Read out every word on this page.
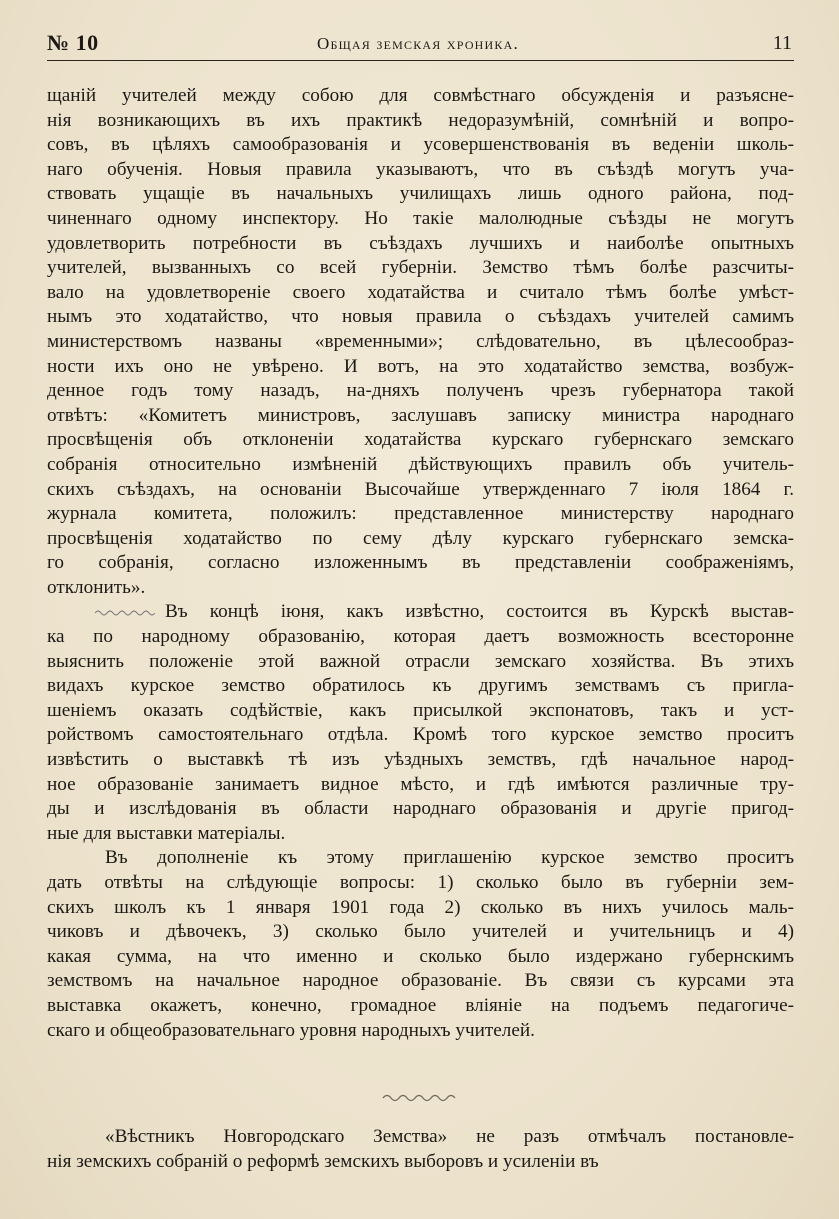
№ 10	Общая земская хроника.	11
щаній учителей между собою для совмѣстнаго обсужденія и разъясне-
нія возникающихъ въ ихъ практикѣ недоразумѣній, сомнѣній и вопро-
совъ, въ цѣляхъ самообразованія и усовершенствованія въ веденіи школь-
наго обученія. Новыя правила указываютъ, что въ съѣздѣ могутъ уча-
ствовать ущащіе въ начальныхъ училищахъ лишь одного района, под-
чиненнаго одному инспектору. Но такіе малолюдные съѣзды не могутъ
удовлетворить потребности въ съѣздахъ лучшихъ и наиболѣе опытныхъ
учителей, вызванныхъ со всей губерніи. Земство тѣмъ болѣе разсчиты-
вало на удовлетвореніе своего ходатайства и считало тѣмъ болѣе умѣст-
нымъ это ходатайство, что новыя правила о съѣздахъ учителей самимъ
министерствомъ названы «временными»; слѣдовательно, въ цѣлесообраз-
ности ихъ оно не увѣрено. И вотъ, на это ходатайство земства, возбуж-
денное годъ тому назадъ, на-дняхъ полученъ чрезъ губернатора такой
отвѣтъ: «Комитетъ министровъ, заслушавъ записку министра народнаго
просвѣщенія объ отклоненіи ходатайства курскаго губернскаго земскаго
собранія относительно измѣненій дѣйствующихъ правилъ объ учитель-
скихъ съѣздахъ, на основаніи Высочайше утвержденнаго 7 іюля 1864 г.
журнала комитета, положилъ: представленное министерству народнаго
просвѣщенія ходатайство по сему дѣлу курскаго губернскаго земска-
го собранія, согласно изложеннымъ въ представленіи соображеніямъ,
отклонить».
Въ концѣ іюня, какъ извѣстно, состоится въ Курскѣ выстав-
ка по народному образованію, которая даетъ возможность всесторонне
выяснить положеніе этой важной отрасли земскаго хозяйства. Въ этихъ
видахъ курское земство обратилось къ другимъ земствамъ съ пригла-
шеніемъ оказать содѣйствіе, какъ присылкой экспонатовъ, такъ и уст-
ройствомъ самостоятельнаго отдѣла. Кромѣ того курское земство проситъ
извѣстить о выставкѣ тѣ изъ уѣздныхъ земствъ, гдѣ начальное народ-
ное образованіе занимаетъ видное мѣсто, и гдѣ имѣются различные тру-
ды и изслѣдованія въ области народнаго образованія и другіе пригод-
ные для выставки матеріалы.
Въ дополненіе къ этому приглашенію курское земство проситъ
дать отвѣты на слѣдующіе вопросы: 1) сколько было въ губерніи зем-
скихъ школъ къ 1 января 1901 года 2) сколько въ нихъ училось маль-
чиковъ и дѣвочекъ, 3) сколько было учителей и учительницъ и 4)
какая сумма, на что именно и сколько было издержано губернскимъ
земствомъ на начальное народное образованіе. Въ связи съ курсами эта
выставка окажетъ, конечно, громадное вліяніе на подъемъ педагогиче-
скаго и общеобразовательнаго уровня народныхъ учителей.
«Вѣстникъ Новгородскаго Земства» не разъ отмѣчалъ постановле-
нія земскихъ собраній о реформѣ земскихъ выборовъ и усиленіи въ
